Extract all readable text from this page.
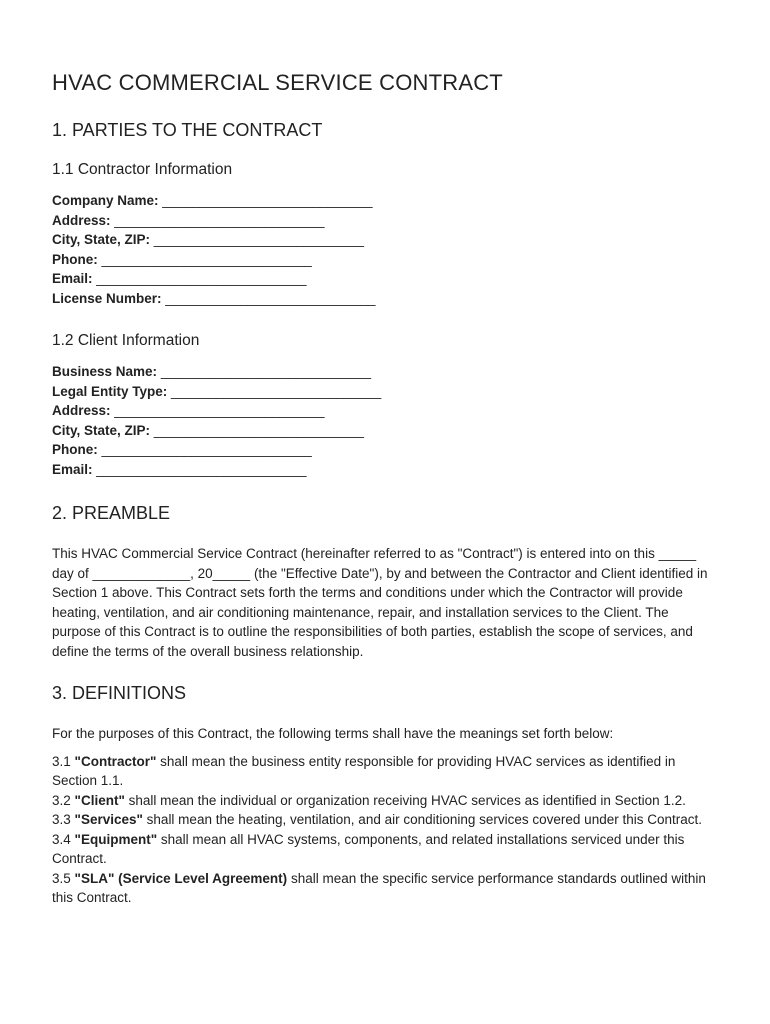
HVAC COMMERCIAL SERVICE CONTRACT
1. PARTIES TO THE CONTRACT
1.1 Contractor Information
Company Name: ____________________________
Address: ____________________________
City, State, ZIP: ____________________________
Phone: ____________________________
Email: ____________________________
License Number: ____________________________
1.2 Client Information
Business Name: ____________________________
Legal Entity Type: ____________________________
Address: ____________________________
City, State, ZIP: ____________________________
Phone: ____________________________
Email: ____________________________
2. PREAMBLE

This HVAC Commercial Service Contract (hereinafter referred to as "Contract") is entered into on this _____ day of _____________, 20_____ (the "Effective Date"), by and between the Contractor and Client identified in Section 1 above. This Contract sets forth the terms and conditions under which the Contractor will provide heating, ventilation, and air conditioning maintenance, repair, and installation services to the Client. The purpose of this Contract is to outline the responsibilities of both parties, establish the scope of services, and define the terms of the overall business relationship.

3. DEFINITIONS

For the purposes of this Contract, the following terms shall have the meanings set forth below:

3.1 "Contractor" shall mean the business entity responsible for providing HVAC services as identified in Section 1.1.
3.2 "Client" shall mean the individual or organization receiving HVAC services as identified in Section 1.2.
3.3 "Services" shall mean the heating, ventilation, and air conditioning services covered under this Contract.
3.4 "Equipment" shall mean all HVAC systems, components, and related installations serviced under this Contract.
3.5 "SLA" (Service Level Agreement) shall mean the specific service performance standards outlined within this Contract.
